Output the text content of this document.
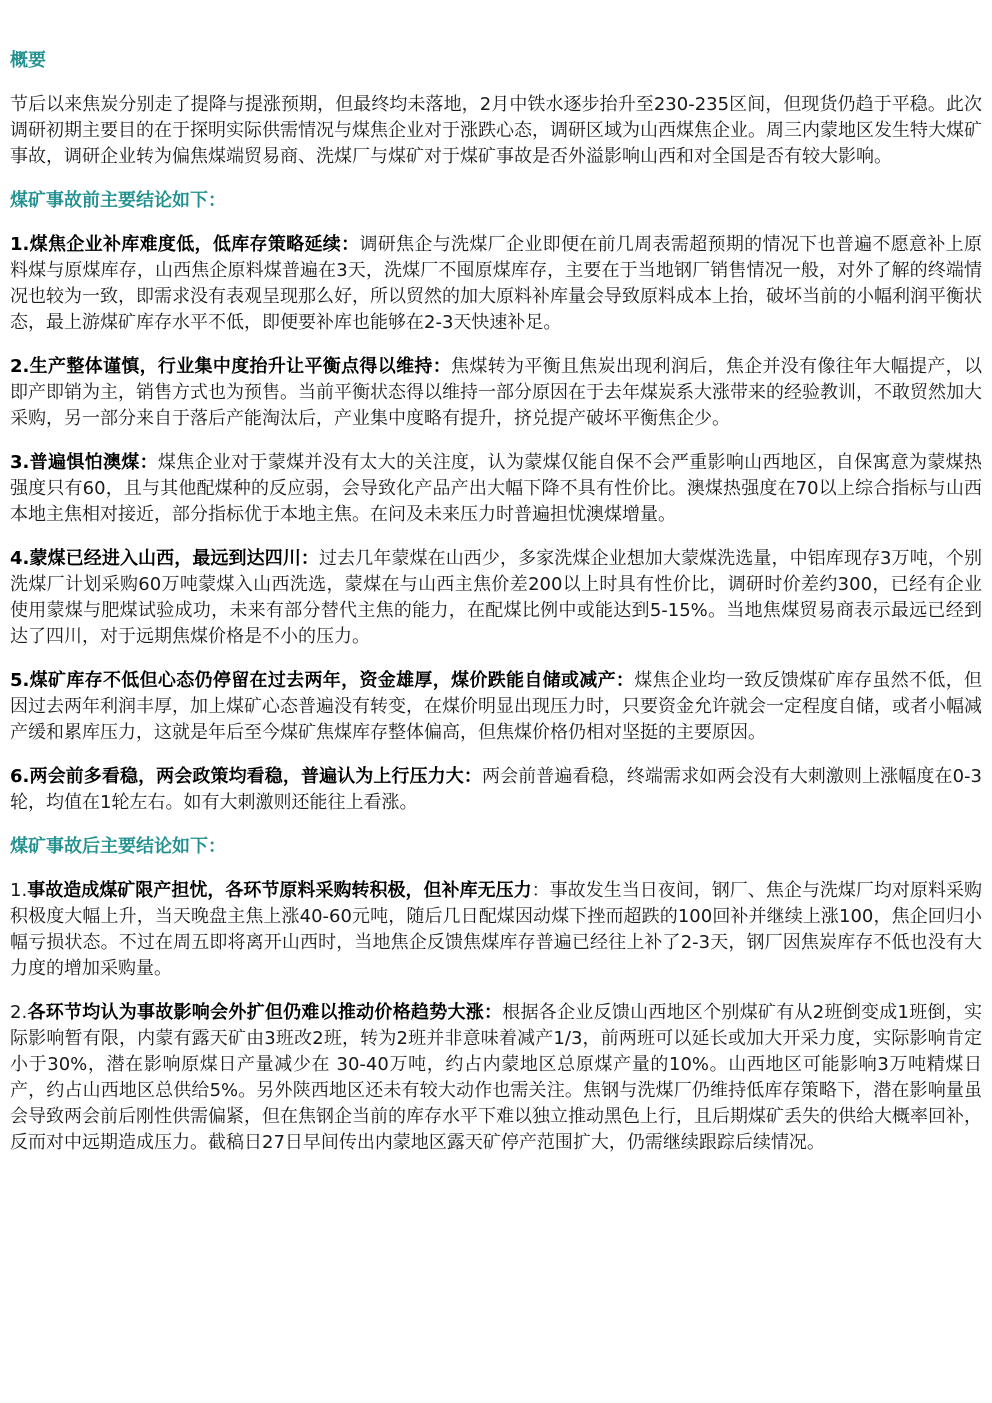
概要
节后以来焦炭分别走了提降与提涨预期，但最终均未落地，2月中铁水逐步抬升至230-235区间，但现货仍趋于平稳。此次调研初期主要目的在于探明实际供需情况与煤焦企业对于涨跌心态，调研区域为山西煤焦企业。周三内蒙地区发生特大煤矿事故，调研企业转为偏焦煤端贸易商、洗煤厂与煤矿对于煤矿事故是否外溢影响山西和对全国是否有较大影响。
煤矿事故前主要结论如下：
1.煤焦企业补库难度低，低库存策略延续：调研焦企与洗煤厂企业即便在前几周表需超预期的情况下也普遍不愿意补上原料煤与原煤库存，山西焦企原料煤普遍在3天，洗煤厂不囤原煤库存，主要在于当地钢厂销售情况一般，对外了解的终端情况也较为一致，即需求没有表观呈现那么好，所以贸然的加大原料补库量会导致原料成本上抬，破坏当前的小幅利润平衡状态，最上游煤矿库存水平不低，即便要补库也能够在2-3天快速补足。
2.生产整体谨慎，行业集中度抬升让平衡点得以维持：焦煤转为平衡且焦炭出现利润后，焦企并没有像往年大幅提产，以即产即销为主，销售方式也为预售。当前平衡状态得以维持一部分原因在于去年煤炭系大涨带来的经验教训，不敢贸然加大采购，另一部分来自于落后产能淘汰后，产业集中度略有提升，挤兑提产破坏平衡焦企少。
3.普遍惧怕澳煤：煤焦企业对于蒙煤并没有太大的关注度，认为蒙煤仅能自保不会严重影响山西地区，自保寓意为蒙煤热强度只有60，且与其他配煤种的反应弱，会导致化产品产出大幅下降不具有性价比。澳煤热强度在70以上综合指标与山西本地主焦相对接近，部分指标优于本地主焦。在问及未来压力时普遍担忧澳煤增量。
4.蒙煤已经进入山西，最远到达四川：过去几年蒙煤在山西少，多家洗煤企业想加大蒙煤洗选量，中铝库现存3万吨，个别洗煤厂计划采购60万吨蒙煤入山西洗选，蒙煤在与山西主焦价差200以上时具有性价比，调研时价差约300，已经有企业使用蒙煤与肥煤试验成功，未来有部分替代主焦的能力，在配煤比例中或能达到5-15%。当地焦煤贸易商表示最远已经到达了四川，对于远期焦煤价格是不小的压力。
5.煤矿库存不低但心态仍停留在过去两年，资金雄厚，煤价跌能自储或减产：煤焦企业均一致反馈煤矿库存虽然不低，但因过去两年利润丰厚，加上煤矿心态普遍没有转变，在煤价明显出现压力时，只要资金允许就会一定程度自储，或者小幅减产缓和累库压力，这就是年后至今煤矿焦煤库存整体偏高，但焦煤价格仍相对坚挺的主要原因。
6.两会前多看稳，两会政策均看稳，普遍认为上行压力大：两会前普遍看稳，终端需求如两会没有大刺激则上涨幅度在0-3轮，均值在1轮左右。如有大刺激则还能往上看涨。
煤矿事故后主要结论如下：
1.事故造成煤矿限产担忧，各环节原料采购转积极，但补库无压力：事故发生当日夜间，钢厂、焦企与洗煤厂均对原料采购积极度大幅上升，当天晚盘主焦上涨40-60元吨，随后几日配煤因动煤下挫而超跌的100回补并继续上涨100，焦企回归小幅亏损状态。不过在周五即将离开山西时，当地焦企反馈焦煤库存普遍已经往上补了2-3天，钢厂因焦炭库存不低也没有大力度的增加采购量。
2.各环节均认为事故影响会外扩但仍难以推动价格趋势大涨：根据各企业反馈山西地区个别煤矿有从2班倒变成1班倒，实际影响暂有限，内蒙有露天矿由3班改2班，转为2班并非意味着减产1/3，前两班可以延长或加大开采力度，实际影响肯定小于30%，潜在影响原煤日产量减少在 30-40万吨，约占内蒙地区总原煤产量的10%。山西地区可能影响3万吨精煤日产，约占山西地区总供给5%。另外陕西地区还未有较大动作也需关注。焦钢与洗煤厂仍维持低库存策略下，潜在影响量虽会导致两会前后刚性供需偏紧，但在焦钢企当前的库存水平下难以独立推动黑色上行，且后期煤矿丢失的供给大概率回补，反而对中远期造成压力。截稿日27日早间传出内蒙地区露天矿停产范围扩大，仍需继续跟踪后续情况。
